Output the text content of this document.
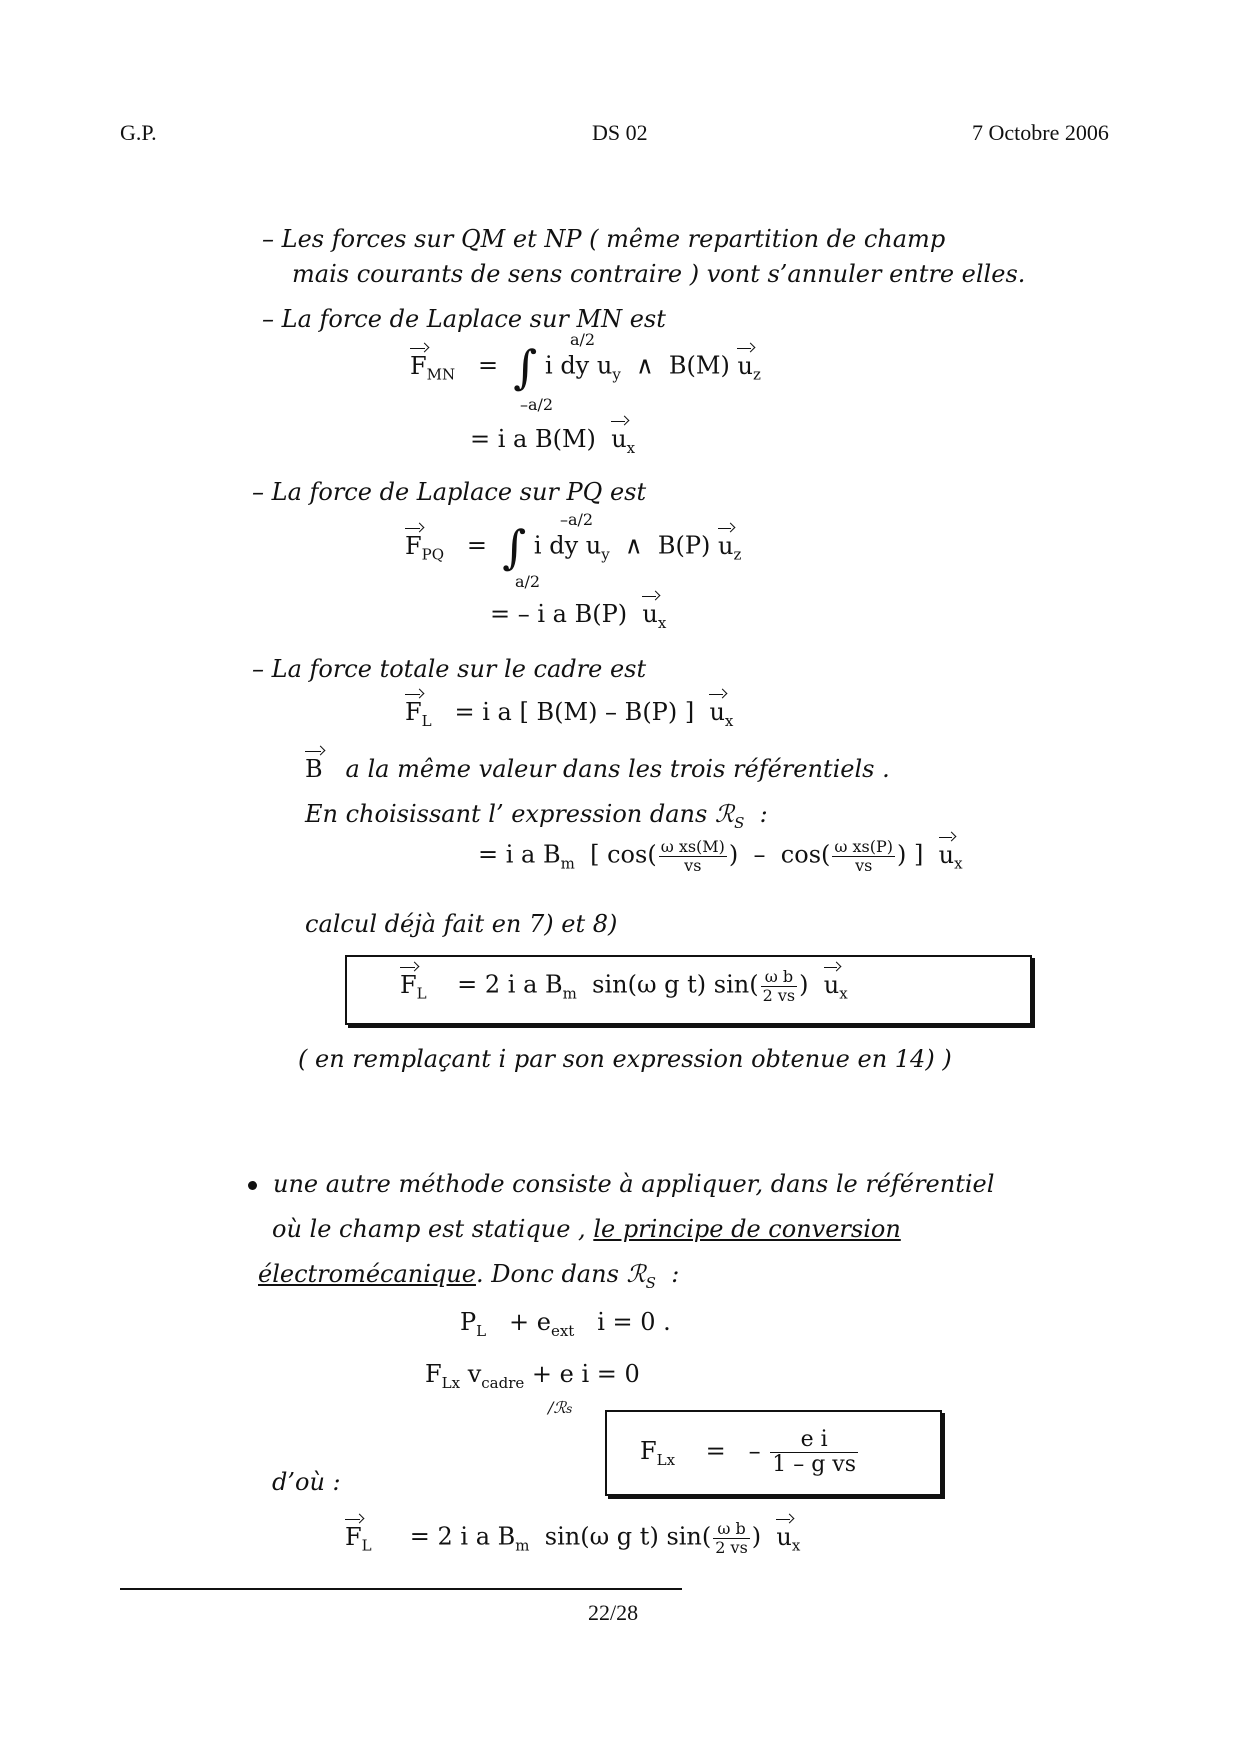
G.P.	DS 02	7 Octobre 2006
– Les forces sur QM et NP ( même repartition de champ
mais courants de sens contraire ) vont s’annuler entre elles.
– La force de Laplace sur MN est
$F_{MN}$   =  ∫ i dy $u_y$  ∧  B(M) $u_z$
a/2
–a/2
= i a B(M) $u_x$
– La force de Laplace sur PQ est
$F_{PQ}$   =  ∫ i dy $u_y$  ∧  B(P) $u_z$
–a/2
a/2
= – i a B(P) $u_x$
– La force totale sur le cadre est
$F_L = i$ a [ B(M) – B(P) ] $u_x$
B a la même valeur dans les trois référentiels .
En choisissant l’ expression dans ℛ$_S$  :
= i a $B_m$  [ $\cos( \frac{\text{ω xs(M)}}{vs}$ )  –  $\cos( \frac{\text{ω xs(P)}}{vs}$ ) ]  $u_x$
calcul déjà fait en 7) et 8)
$F_L = 2$ i a $B_m$ sin(ω g t) $\sin( \frac{\text{ω b}}{2 vs}$ )  $u_x$
( en remplaçant i par son expression obtenue en 14) )
une autre méthode consiste à appliquer, dans le référentiel
où le champ est statique , le principe de conversion
électromécanique. Donc dans ℛ$_S$  :
$P_L + e_{ext}$ i = 0 .
$F_{Lx}$ $v_{cadre} + e$ i = 0
/ℛs
$F_{Lx}$    =   – $\frac{\text{e i}}{\text{1 – g vs}}$
d’où :
$F_L = 2$ i a $B_m$ sin(ω g t) $\sin( \frac{\text{ω b}}{2 vs}$ )  $u_x$
22/28
